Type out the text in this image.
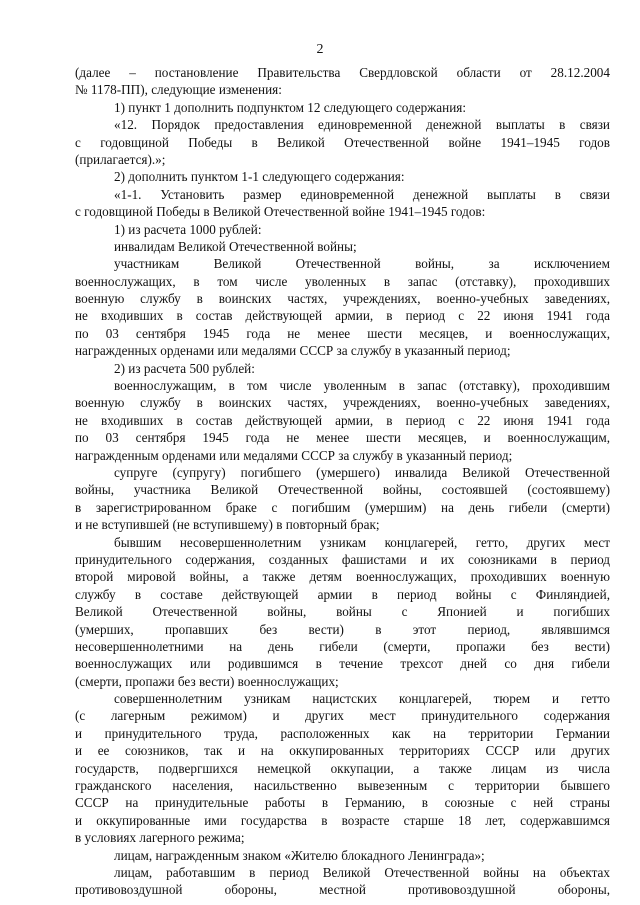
2
(далее – постановление Правительства Свердловской области от 28.12.2004
№ 1178-ПП), следующие изменения:
1) пункт 1 дополнить подпунктом 12 следующего содержания:
«12. Порядок предоставления единовременной денежной выплаты в связи
с годовщиной Победы в Великой Отечественной войне 1941–1945 годов
(прилагается).»;
2) дополнить пунктом 1-1 следующего содержания:
«1-1. Установить размер единовременной денежной выплаты в связи
с годовщиной Победы в Великой Отечественной войне 1941–1945 годов:
1) из расчета 1000 рублей:
инвалидам Великой Отечественной войны;
участникам Великой Отечественной войны, за исключением
военнослужащих, в том числе уволенных в запас (отставку), проходивших
военную службу в воинских частях, учреждениях, военно-учебных заведениях,
не входивших в состав действующей армии, в период с 22 июня 1941 года
по 03 сентября 1945 года не менее шести месяцев, и военнослужащих,
награжденных орденами или медалями СССР за службу в указанный период;
2) из расчета 500 рублей:
военнослужащим, в том числе уволенным в запас (отставку), проходившим
военную службу в воинских частях, учреждениях, военно-учебных заведениях,
не входивших в состав действующей армии, в период с 22 июня 1941 года
по 03 сентября 1945 года не менее шести месяцев, и военнослужащим,
награжденным орденами или медалями СССР за службу в указанный период;
супруге (супругу) погибшего (умершего) инвалида Великой Отечественной
войны, участника Великой Отечественной войны, состоявшей (состоявшему)
в зарегистрированном браке с погибшим (умершим) на день гибели (смерти)
и не вступившей (не вступившему) в повторный брак;
бывшим несовершеннолетним узникам концлагерей, гетто, других мест
принудительного содержания, созданных фашистами и их союзниками в период
второй мировой войны, а также детям военнослужащих, проходивших военную
службу в составе действующей армии в период войны с Финляндией,
Великой Отечественной войны, войны с Японией и погибших
(умерших, пропавших без вести) в этот период, являвшимся
несовершеннолетними на день гибели (смерти, пропажи без вести)
военнослужащих или родившимся в течение трехсот дней со дня гибели
(смерти, пропажи без вести) военнослужащих;
совершеннолетним узникам нацистских концлагерей, тюрем и гетто
(с лагерным режимом) и других мест принудительного содержания
и принудительного труда, расположенных как на территории Германии
и ее союзников, так и на оккупированных территориях СССР или других
государств, подвергшихся немецкой оккупации, а также лицам из числа
гражданского населения, насильственно вывезенным с территории бывшего
СССР на принудительные работы в Германию, в союзные с ней страны
и оккупированные ими государства в возрасте старше 18 лет, содержавшимся
в условиях лагерного режима;
лицам, награжденным знаком «Жителю блокадного Ленинграда»;
лицам, работавшим в период Великой Отечественной войны на объектах
противовоздушной обороны, местной противовоздушной обороны,
